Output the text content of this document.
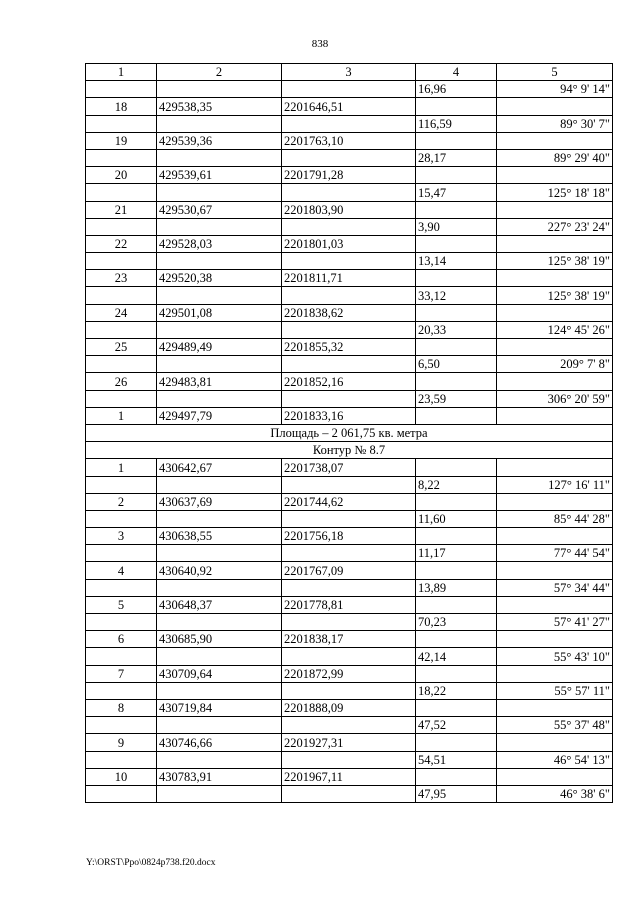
838
1	2	3	4	5
			16,96	94° 9' 14"
18	429538,35	2201646,51		
			116,59	89° 30' 7"
19	429539,36	2201763,10		
			28,17	89° 29' 40"
20	429539,61	2201791,28		
			15,47	125° 18' 18"
21	429530,67	2201803,90		
			3,90	227° 23' 24"
22	429528,03	2201801,03		
			13,14	125° 38' 19"
23	429520,38	2201811,71		
			33,12	125° 38' 19"
24	429501,08	2201838,62		
			20,33	124° 45' 26"
25	429489,49	2201855,32		
			6,50	209° 7' 8"
26	429483,81	2201852,16		
			23,59	306° 20' 59"
1	429497,79	2201833,16		
Площадь – 2 061,75 кв. метра				
Контур № 8.7				
1	430642,67	2201738,07		
			8,22	127° 16' 11"
2	430637,69	2201744,62		
			11,60	85° 44' 28"
3	430638,55	2201756,18		
			11,17	77° 44' 54"
4	430640,92	2201767,09		
			13,89	57° 34' 44"
5	430648,37	2201778,81		
			70,23	57° 41' 27"
6	430685,90	2201838,17		
			42,14	55° 43' 10"
7	430709,64	2201872,99		
			18,22	55° 57' 11"
8	430719,84	2201888,09		
			47,52	55° 37' 48"
9	430746,66	2201927,31		
			54,51	46° 54' 13"
10	430783,91	2201967,11		
			47,95	46° 38' 6"
Y:\ORST\Ppo\0824p738.f20.docx
